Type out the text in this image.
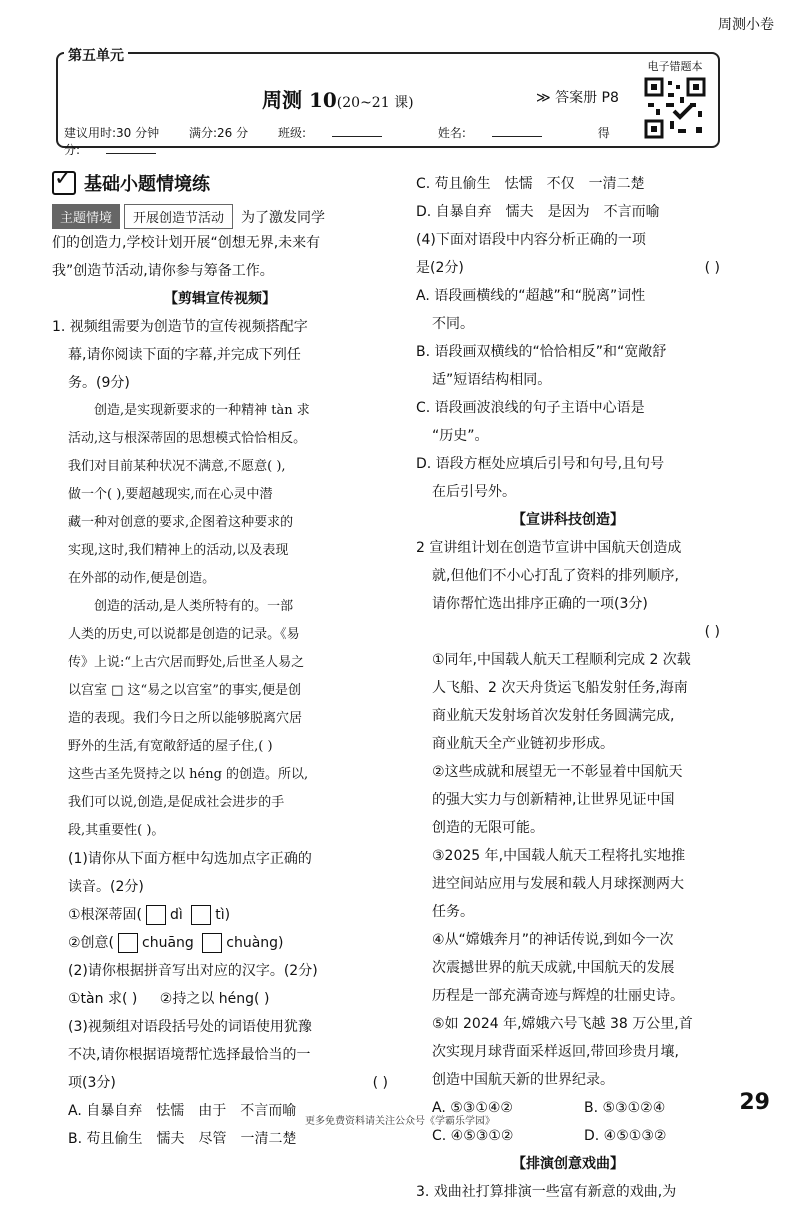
周测小卷
第五单元
周测 10(20~21 课)	≫ 答案册 P8
电子错题本
建议用时:30 分钟 满分:26 分 班级:	姓名:	得分:
✓
基础小题情境练
主题情境	开展创造节活动	为了激发同学

们的创造力,学校计划开展“创想无界,未来有

我”创造节活动,请你参与筹备工作。

【剪辑宣传视频】

1. 视频组需要为创造节的宣传视频搭配字

幕,请你阅读下面的字幕,并完成下列任

务。(9分)

创造,是实现新要求的一种精神 tàn 求

活动,这与根深蒂固的思想模式恰恰相反。

我们对目前某种状况不满意,不愿意( ),

做一个( ),要超越现实,而在心灵中潜

藏一种对创意的要求,企图着这种要求的

实现,这时,我们精神上的活动,以及表现

在外部的动作,便是创造。

创造的活动,是人类所特有的。一部

人类的历史,可以说都是创造的记录。《易

传》上说:“上古穴居而野处,后世圣人易之

以宫室 □ 这“易之以宫室”的事实,便是创

造的表现。我们今日之所以能够脱离穴居

野外的生活,有宽敞舒适的屋子住,( )

这些古圣先贤持之以 héng 的创造。所以,

我们可以说,创造,是促成社会进步的手

段,其重要性( )。

(1)请你从下面方框中勾选加点字正确的

读音。(2分)

①根深蒂固( dì tì)

②创意( chuāng chuàng)

(2)请你根据拼音写出对应的汉字。(2分)

①tàn 求( ) ②持之以 héng( )

(3)视频组对语段括号处的词语使用犹豫

不决,请你根据语境帮忙选择最恰当的一

项(3分)	( )

A. 自暴自弃　怯懦　由于　不言而喻

B. 苟且偷生　懦夫　尽管　一清二楚

C. 苟且偷生　怯懦　不仅　一清二楚

D. 自暴自弃　懦夫　是因为　不言而喻

(4)下面对语段中内容分析正确的一项

是(2分)	( )

A. 语段画横线的“超越”和“脱离”词性

不同。

B. 语段画双横线的“恰恰相反”和“宽敞舒

适”短语结构相同。

C. 语段画波浪线的句子主语中心语是

“历史”。

D. 语段方框处应填后引号和句号,且句号

在后引号外。

【宣讲科技创造】

2 宣讲组计划在创造节宣讲中国航天创造成

就,但他们不小心打乱了资料的排列顺序,

请你帮忙选出排序正确的一项(3分)

( )

①同年,中国载人航天工程顺利完成 2 次载

人飞船、2 次天舟货运飞船发射任务,海南

商业航天发射场首次发射任务圆满完成,

商业航天全产业链初步形成。

②这些成就和展望无一不彰显着中国航天

的强大实力与创新精神,让世界见证中国

创造的无限可能。

③2025 年,中国载人航天工程将扎实地推

进空间站应用与发展和载人月球探测两大

任务。

④从“嫦娥奔月”的神话传说,到如今一次

次震撼世界的航天成就,中国航天的发展

历程是一部充满奇迹与辉煌的壮丽史诗。

⑤如 2024 年,嫦娥六号飞越 38 万公里,首

次实现月球背面采样返回,带回珍贵月壤,

创造中国航天新的世界纪录。

A. ⑤③①④②	B. ⑤③①②④
C. ④⑤③①②	D. ④⑤①③②

【排演创意戏曲】

3. 戏曲社打算排演一些富有新意的戏曲,为

29
更多免费资料请关注公众号《学霸乐学园》
